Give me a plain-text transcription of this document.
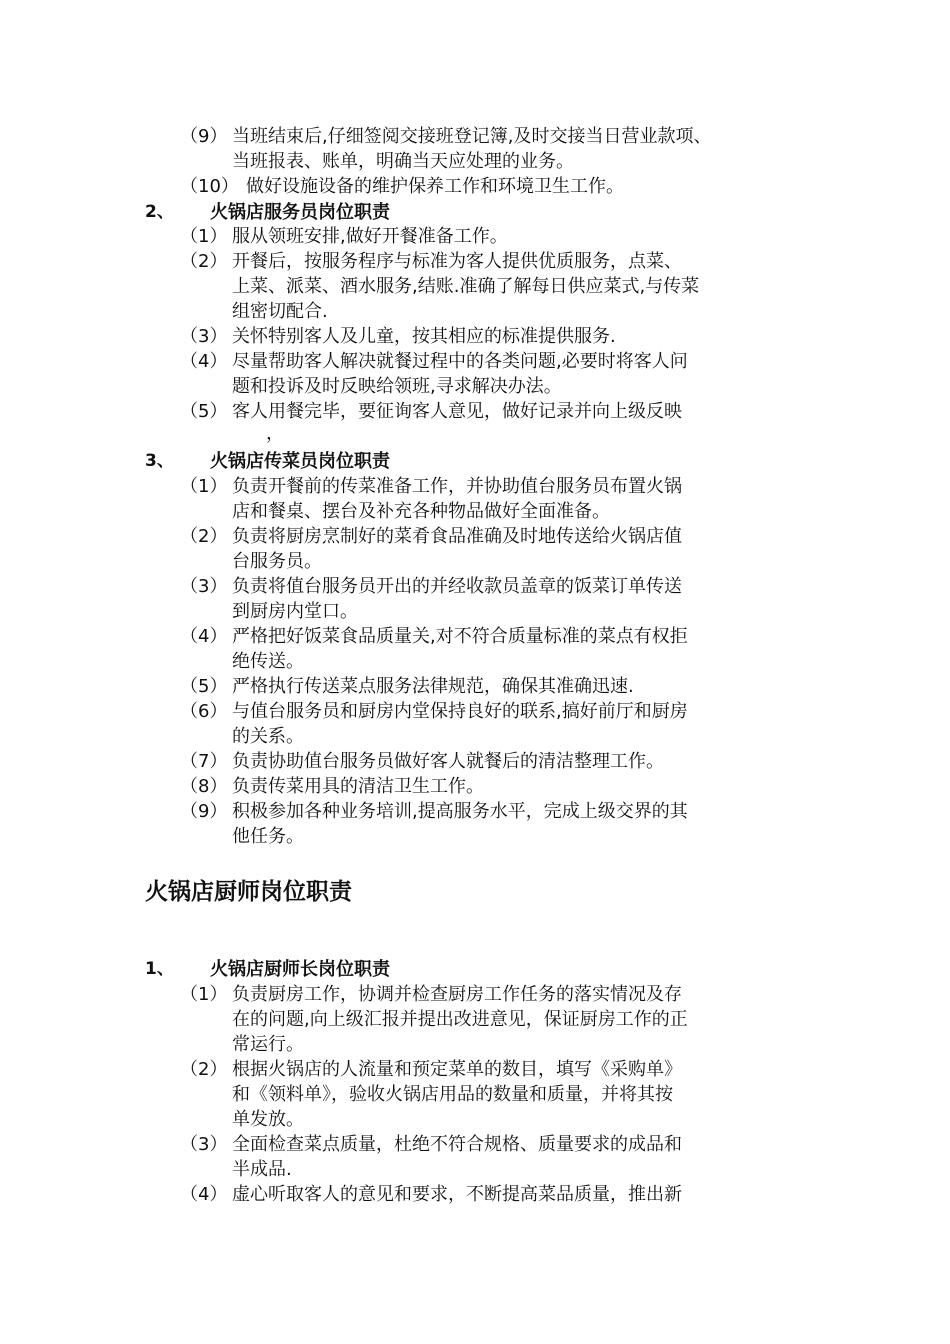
（9） 当班结束后,仔细签阅交接班登记簿,及时交接当日营业款项、
当班报表、账单，明确当天应处理的业务。
（10） 做好设施设备的维护保养工作和环境卫生工作。
2、 火锅店服务员岗位职责
（1） 服从领班安排,做好开餐准备工作。
（2） 开餐后，按服务程序与标准为客人提供优质服务，点菜、
上菜、派菜、酒水服务,结账.准确了解每日供应菜式,与传菜
组密切配合.
（3） 关怀特别客人及儿童，按其相应的标准提供服务.
（4） 尽量帮助客人解决就餐过程中的各类问题,必要时将客人问
题和投诉及时反映给领班,寻求解决办法。
（5） 客人用餐完毕，要征询客人意见，做好记录并向上级反映
，
3、 火锅店传菜员岗位职责
（1） 负责开餐前的传菜准备工作，并协助值台服务员布置火锅
店和餐桌、摆台及补充各种物品做好全面准备。
（2） 负责将厨房烹制好的菜肴食品准确及时地传送给火锅店值
台服务员。
（3） 负责将值台服务员开出的并经收款员盖章的饭菜订单传送
到厨房内堂口。
（4） 严格把好饭菜食品质量关,对不符合质量标准的菜点有权拒
绝传送。
（5） 严格执行传送菜点服务法律规范，确保其准确迅速.
（6） 与值台服务员和厨房内堂保持良好的联系,搞好前厅和厨房
的关系。
（7） 负责协助值台服务员做好客人就餐后的清洁整理工作。
（8） 负责传菜用具的清洁卫生工作。
（9） 积极参加各种业务培训,提高服务水平，完成上级交界的其
他任务。
火锅店厨师岗位职责
1、 火锅店厨师长岗位职责
（1） 负责厨房工作，协调并检查厨房工作任务的落实情况及存
在的问题,向上级汇报并提出改进意见，保证厨房工作的正
常运行。
（2） 根据火锅店的人流量和预定菜单的数目，填写《采购单》
和《领料单》，验收火锅店用品的数量和质量，并将其按
单发放。
（3） 全面检查菜点质量，杜绝不符合规格、质量要求的成品和
半成品.
（4） 虚心听取客人的意见和要求，不断提高菜品质量，推出新
